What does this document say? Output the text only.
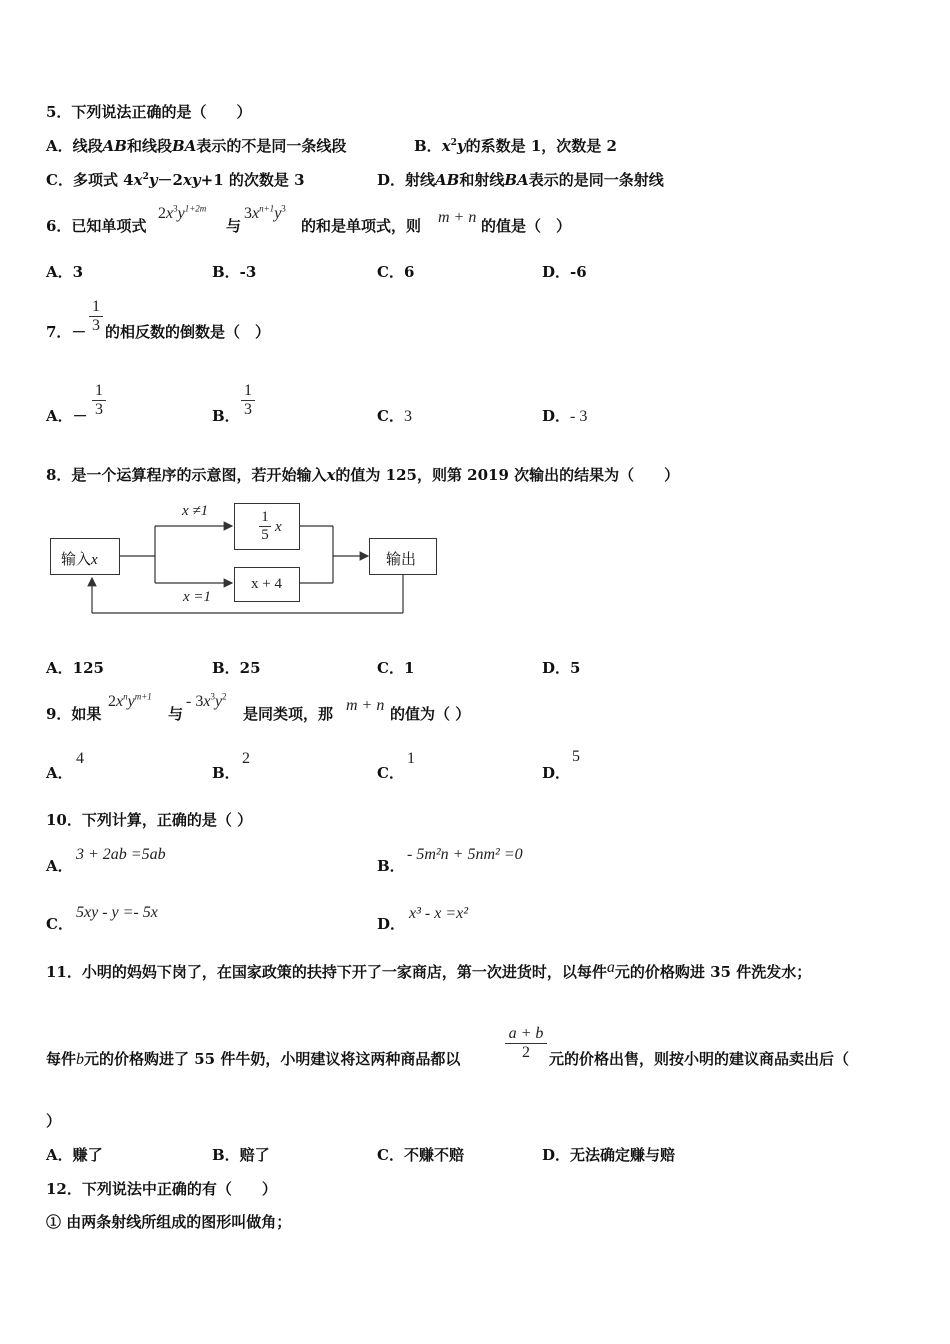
5．下列说法正确的是（　　）
A．线段AB和线段BA表示的不是同一条线段	B．$x^2y$的系数是 1，次数是 2
C．多项式 $4x^2y-2xy+1$ 的次数是 3	D．射线AB和射线BA表示的是同一条射线
6．已知单项式
$2x^3y^{1+2m}$
与
$3x^{n+1}y^3$
的和是单项式，则 m + n 的值是（　）
A．3	B．-3	C．6	D．-6
7．－ $\frac{1}{3}$ 的相反数的倒数是（　）
A．－ $\frac{1}{3}$	B． $\frac{1}{3}$	C．3	D．- 3
8．是一个运算程序的示意图，若开始输入x的值为 125，则第 2019 次输出的结果为（　　）
输入x
x ≠1	$\frac{1}{5}$ x
x + 4
x =1
输出
A．125	B．25	C．1	D．5
9．如果
$2x^ny^{m+1}$
与
- $3x^3y^2$
是同类项，那 m + n 的值为（ ）
A．
4
B．
2
C．
1
D．
5
10．下列计算，正确的是（ ）
A．
3 + 2ab =5ab
B．
- 5m²n + 5nm² =0
C．
5xy - y =- 5x
D．
x³ - x =x²
11．小明的妈妈下岗了，在国家政策的扶持下开了一家商店，第一次进货时，以每件a元的价格购进 35 件洗发水；
每件b元的价格购进了 55 件牛奶，小明建议将这两种商品都以	$\frac{a + b}{2}$ 元的价格出售，则按小明的建议商品卖出后（
）
A．赚了	B．赔了	C．不赚不赔	D．无法确定赚与赔
12．下列说法中正确的有（　　）
① 由两条射线所组成的图形叫做角；
